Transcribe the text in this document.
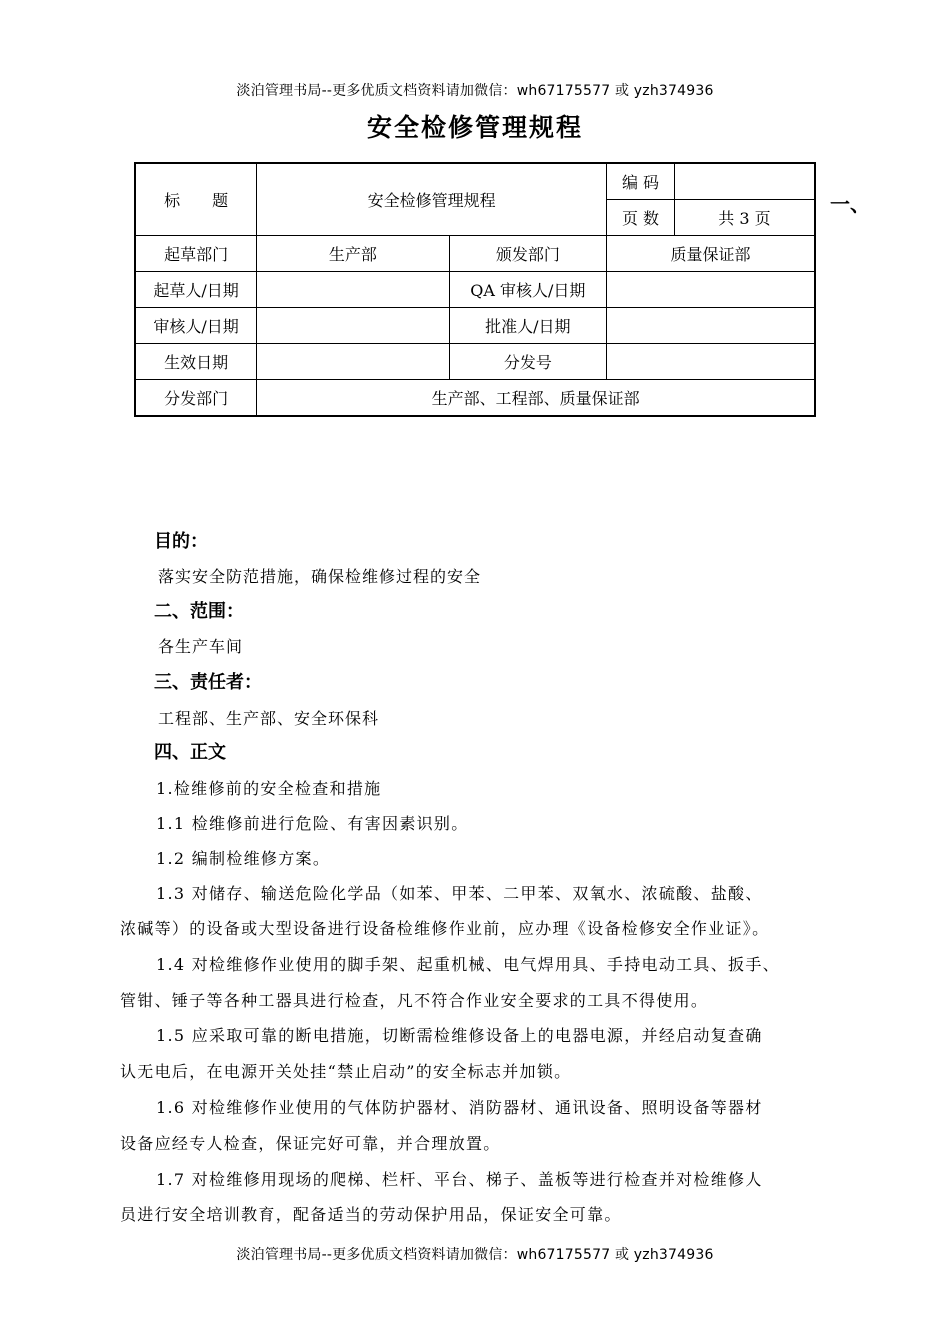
淡泊管理书局--更多优质文档资料请加微信：wh67175577 或 yzh374936
安全检修管理规程
标　　题	安全检修管理规程		编 码	
			页 数	共 3 页
起草部门	生产部	颁发部门	质量保证部	
起草人/日期		QA 审核人/日期		
审核人/日期		批准人/日期		
生效日期		分发号		
分发部门	生产部、工程部、质量保证部			
一、
目的：
落实安全防范措施，确保检维修过程的安全
二、范围：
各生产车间
三、责任者：
工程部、生产部、安全环保科
四、正文
1.检维修前的安全检查和措施
1.1 检维修前进行危险、有害因素识别。
1.2 编制检维修方案。
1.3 对储存、输送危险化学品（如苯、甲苯、二甲苯、双氧水、浓硫酸、盐酸、
浓碱等）的设备或大型设备进行设备检维修作业前，应办理《设备检修安全作业证》。
1.4 对检维修作业使用的脚手架、起重机械、电气焊用具、手持电动工具、扳手、
管钳、锤子等各种工器具进行检查，凡不符合作业安全要求的工具不得使用。
1.5 应采取可靠的断电措施，切断需检维修设备上的电器电源，并经启动复查确
认无电后，在电源开关处挂“禁止启动”的安全标志并加锁。
1.6 对检维修作业使用的气体防护器材、消防器材、通讯设备、照明设备等器材
设备应经专人检查，保证完好可靠，并合理放置。
1.7 对检维修用现场的爬梯、栏杆、平台、梯子、盖板等进行检查并对检维修人
员进行安全培训教育，配备适当的劳动保护用品，保证安全可靠。
淡泊管理书局--更多优质文档资料请加微信：wh67175577 或 yzh374936
